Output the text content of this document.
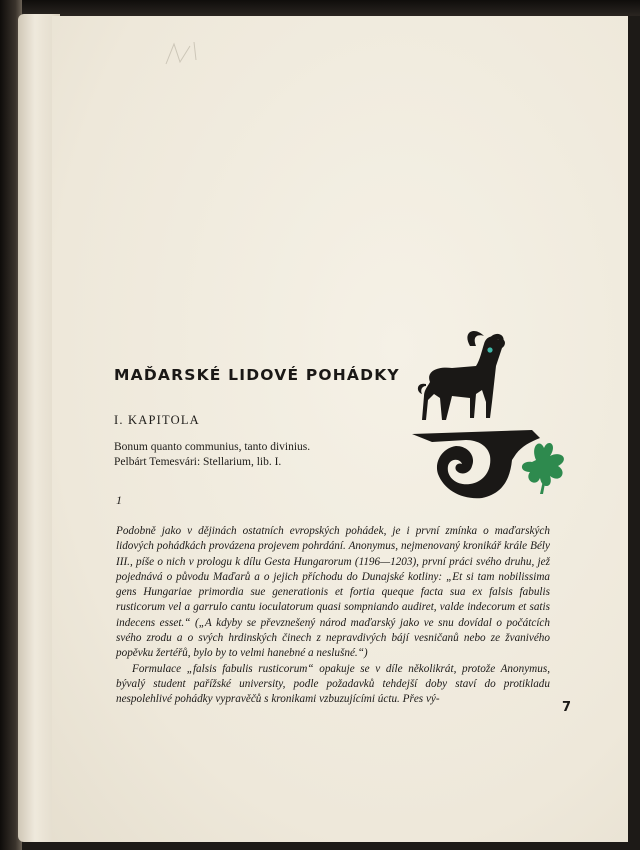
MAĎARSKÉ LIDOVÉ POHÁDKY
I. KAPITOLA
Bonum quanto communius, tanto divinius.
Pelbárt Temesvári: Stellarium, lib. I.
1

Podobně jako v dějinách ostatních evropských pohádek, je i první zmínka o maďarských lidových pohádkách provázena projevem pohrdání. Anonymus, nejmenovaný kronikář krále Bély III., píše o nich v prologu k dílu Gesta Hungarorum (1196—1203), první práci svého druhu, jež pojednává o původu Maďarů a o jejich příchodu do Dunajské kotliny: „Et si tam nobilissima gens Hungariae primordia sue generationis et fortia queque facta sua ex falsis fabulis rusticorum vel a garrulo cantu ioculatorum quasi sompniando audiret, valde indecorum et satis indecens esset.“ („A kdyby se převznešený národ maďarský jako ve snu dovídal o počátcích svého zrodu a o svých hrdinských činech z nepravdivých bájí vesničanů nebo ze žvanivého popěvku žertéřů, bylo by to velmi hanebné a neslušné.“)

Formulace „falsis fabulis rusticorum“ opakuje se v díle několikrát, protože Anonymus, bývalý student pařížské university, podle požadavků tehdejší doby staví do protikladu nespolehlivé pohádky vypravěčů s kronikami vzbuzujícími úctu. Přes vý-

7
